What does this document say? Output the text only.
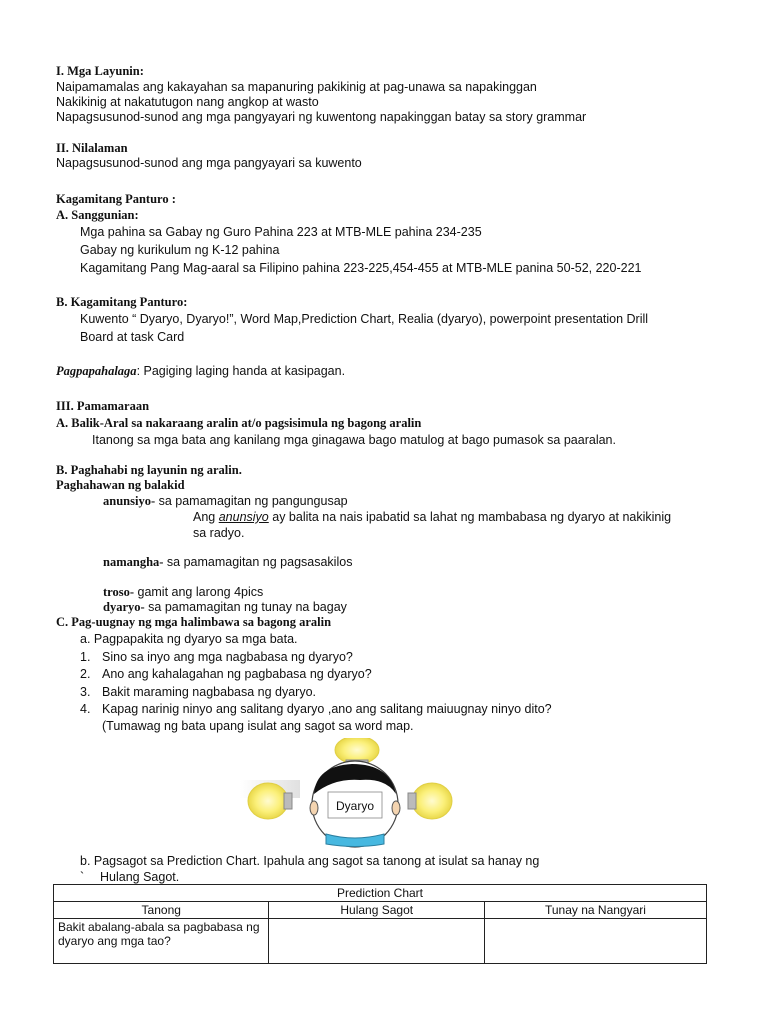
I. Mga Layunin:
Naipamamalas ang kakayahan sa mapanuring pakikinig at pag-unawa sa napakinggan
Nakikinig at nakatutugon nang angkop at wasto
Napagsusunod-sunod ang mga pangyayari ng kuwentong napakinggan batay sa story grammar
II. Nilalaman
Napagsusunod-sunod ang mga pangyayari sa kuwento
Kagamitang Panturo :
A. Sanggunian:
Mga pahina sa Gabay ng Guro Pahina 223 at MTB-MLE pahina 234-235
Gabay ng kurikulum ng K-12 pahina
Kagamitang Pang Mag-aaral sa Filipino pahina 223-225,454-455 at MTB-MLE panina 50-52, 220-221
B. Kagamitang Panturo:
Kuwento “ Dyaryo, Dyaryo!”, Word Map,Prediction Chart, Realia (dyaryo), powerpoint presentation Drill
Board at task Card
Pagpapahalaga: Pagiging laging handa at kasipagan.
III. Pamamaraan
A. Balik-Aral sa nakaraang aralin at/o pagsisimula ng bagong aralin
Itanong sa mga bata ang kanilang mga ginagawa bago matulog at bago pumasok sa paaralan.
B. Paghahabi ng layunin ng aralin.
Paghahawan ng balakid
anunsiyo- sa pamamagitan ng pangungusap
Ang anunsiyo ay balita na nais ipabatid sa lahat ng mambabasa ng dyaryo at nakikinig
sa radyo.
namangha- sa pamamagitan ng pagsasakilos
troso- gamit ang larong 4pics
dyaryo- sa pamamagitan ng tunay na bagay
C. Pag-uugnay ng mga halimbawa sa bagong aralin
a. Pagpapakita ng dyaryo sa mga bata.
1. Sino sa inyo ang mga nagbabasa ng dyaryo?
2. Ano ang kahalagahan ng pagbabasa ng dyaryo?
3. Bakit maraming nagbabasa ng dyaryo.
4. Kapag narinig ninyo ang salitang dyaryo ,ano ang salitang maiuugnay ninyo dito?
(Tumawag ng bata upang isulat ang sagot sa word map.
Dyaryo
b. Pagsagot sa Prediction Chart. Ipahula ang sagot sa tanong at isulat sa hanay ng
` Hulang Sagot.
Prediction Chart		
Tanong	Hulang Sagot	Tunay na Nangyari
Bakit abalang-abala sa pagbabasa ng dyaryo ang mga tao?		
